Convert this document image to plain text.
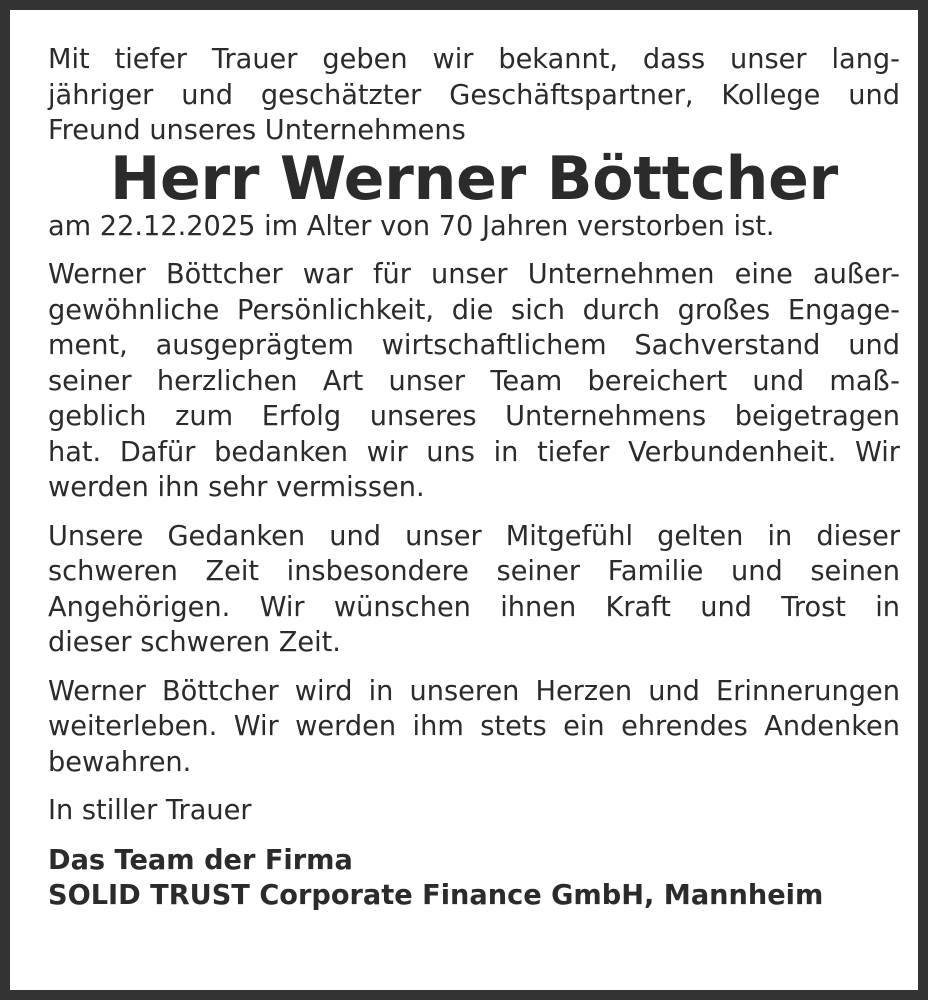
Mit tiefer Trauer geben wir bekannt, dass unser lang-
jähriger und geschätzter Geschäftspartner, Kollege und
Freund unseres Unternehmens

Herr Werner Böttcher

am 22.12.2025 im Alter von 70 Jahren verstorben ist.

Werner Böttcher war für unser Unternehmen eine außer-
gewöhnliche Persönlichkeit, die sich durch großes Engage-
ment, ausgeprägtem wirtschaftlichem Sachverstand und
seiner herzlichen Art unser Team bereichert und maß-
geblich zum Erfolg unseres Unternehmens beigetragen
hat. Dafür bedanken wir uns in tiefer Verbundenheit. Wir
werden ihn sehr vermissen.

Unsere Gedanken und unser Mitgefühl gelten in dieser
schweren Zeit insbesondere seiner Familie und seinen
Angehörigen. Wir wünschen ihnen Kraft und Trost in
dieser schweren Zeit.

Werner Böttcher wird in unseren Herzen und Erinnerungen
weiterleben. Wir werden ihm stets ein ehrendes Andenken
bewahren.

In stiller Trauer

Das Team der Firma
SOLID TRUST Corporate Finance GmbH, Mannheim
